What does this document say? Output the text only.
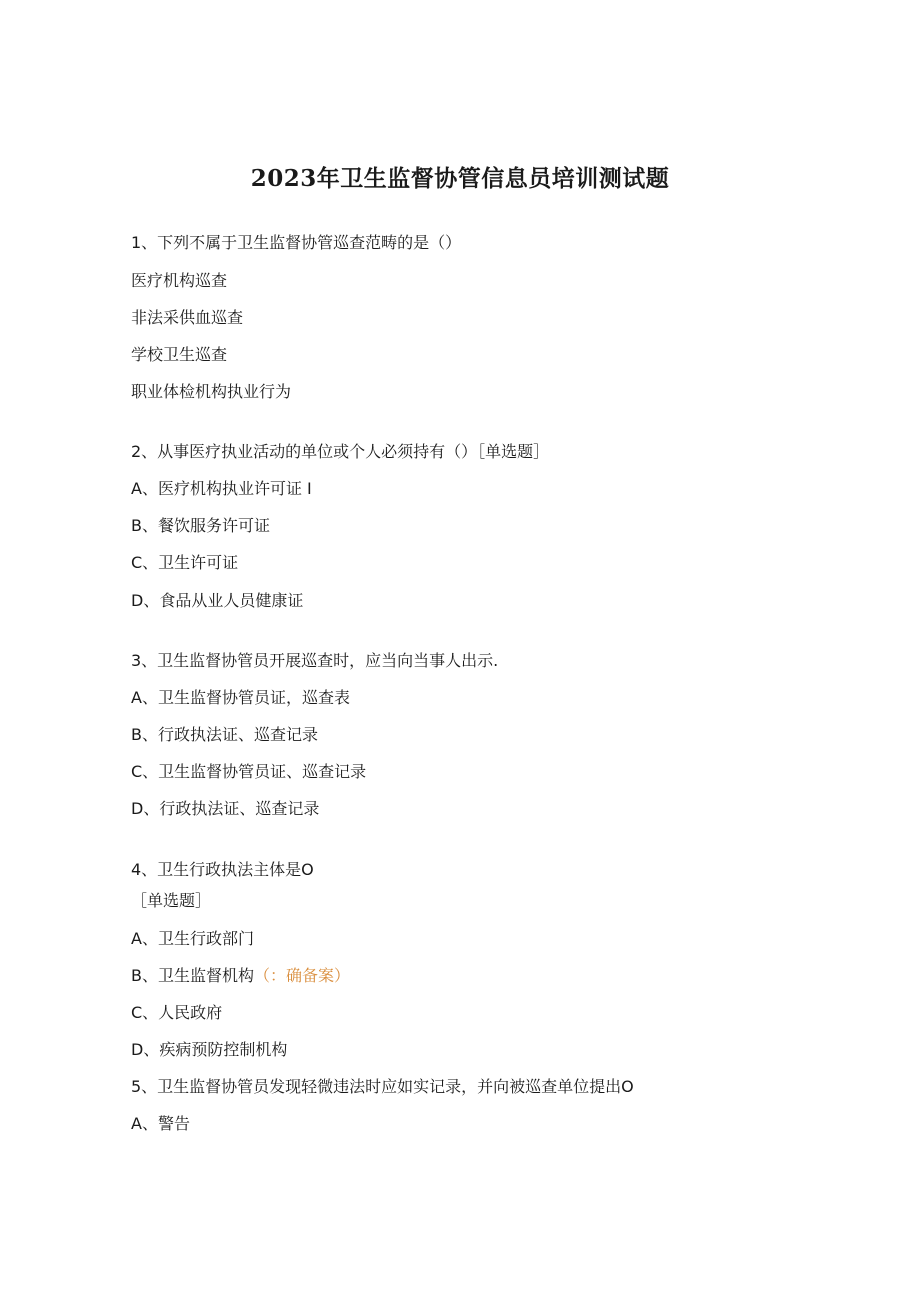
2023年卫生监督协管信息员培训测试题
1、下列不属于卫生监督协管巡查范畴的是（）
医疗机构巡查
非法采供血巡查
学校卫生巡查
职业体检机构执业行为
2、从事医疗执业活动的单位或个人必须持有（）［单选题］
A、医疗机构执业许可证 I
B、餐饮服务许可证
C、卫生许可证
D、食品从业人员健康证
3、卫生监督协管员开展巡查时，应当向当事人出示.
A、卫生监督协管员证，巡查表
B、行政执法证、巡查记录
C、卫生监督协管员证、巡查记录
D、行政执法证、巡查记录
4、卫生行政执法主体是O
［单选题］
A、卫生行政部门
B、卫生监督机构（：确备案）
C、人民政府
D、疾病预防控制机构
5、卫生监督协管员发现轻微违法时应如实记录，并向被巡查单位提出O
A、警告
